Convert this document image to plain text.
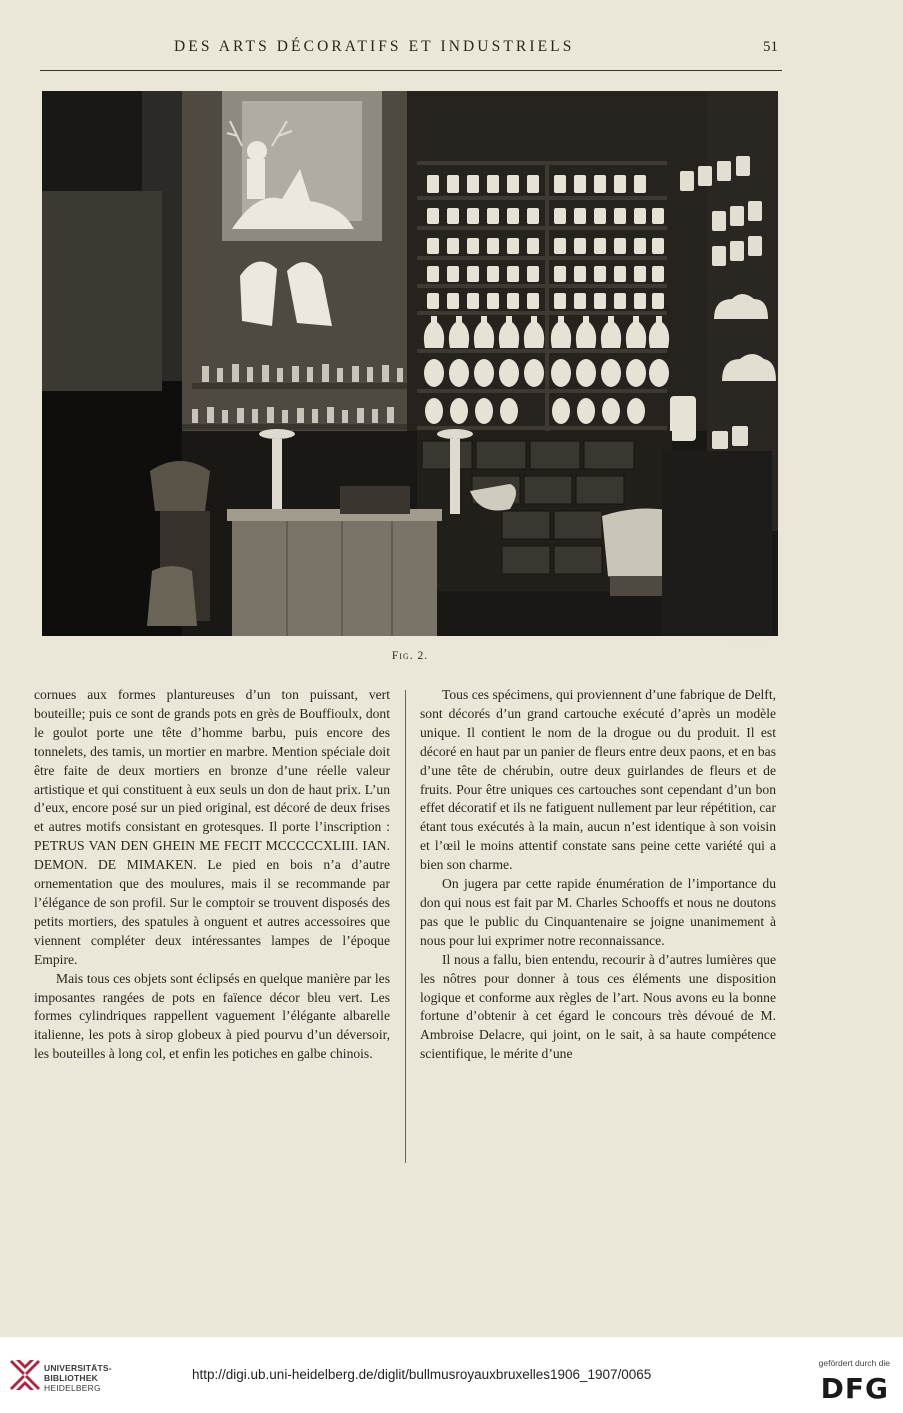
DES ARTS DÉCORATIFS ET INDUSTRIELS	51
VANDAMME
Fig. 2.

cornues aux formes plantureuses d’un ton puissant, vert bouteille; puis ce sont de grands pots en grès de Bouffioulx, dont le goulot porte une tête d’homme barbu, puis encore des tonnelets, des tamis, un mortier en marbre. Mention spéciale doit être faite de deux mortiers en bronze d’une réelle valeur artistique et qui constituent à eux seuls un don de haut prix. L’un d’eux, encore posé sur un pied original, est décoré de deux frises et autres motifs consistant en grotesques. Il porte l’inscription : PETRUS VAN DEN GHEIN ME FECIT MCCCCCXLIII. IAN. DEMON. DE MIMAKEN. Le pied en bois n’a d’autre ornementation que des moulures, mais il se recommande par l’élégance de son profil. Sur le comptoir se trouvent disposés des petits mortiers, des spatules à onguent et autres accessoires que viennent compléter deux intéressantes lampes de l’époque Empire.

Mais tous ces objets sont éclipsés en quelque manière par les imposantes rangées de pots en faïence décor bleu vert. Les formes cylindriques rappellent vaguement l’élégante albarelle italienne, les pots à sirop globeux à pied pourvu d’un déversoir, les bouteilles à long col, et enfin les potiches en galbe chinois.

Tous ces spécimens, qui proviennent d’une fabrique de Delft, sont décorés d’un grand cartouche exécuté d’après un modèle unique. Il contient le nom de la drogue ou du produit. Il est décoré en haut par un panier de fleurs entre deux paons, et en bas d’une tête de chérubin, outre deux guirlandes de fleurs et de fruits. Pour être uniques ces cartouches sont cependant d’un bon effet décoratif et ils ne fatiguent nullement par leur répétition, car étant tous exécutés à la main, aucun n’est identique à son voisin et l’œil le moins attentif constate sans peine cette variété qui a bien son charme.

On jugera par cette rapide énumération de l’importance du don qui nous est fait par M. Charles Schooffs et nous ne doutons pas que le public du Cinquantenaire se joigne unanimement à nous pour lui exprimer notre reconnaissance.

Il nous a fallu, bien entendu, recourir à d’autres lumières que les nôtres pour donner à tous ces éléments une disposition logique et conforme aux règles de l’art. Nous avons eu la bonne fortune d’obtenir à cet égard le concours très dévoué de M. Ambroise Delacre, qui joint, on le sait, à sa haute compétence scientifique, le mérite d’une

UNIVERSITÄTS-
BIBLIOTHEK
HEIDELBERG
http://digi.ub.uni-heidelberg.de/diglit/bullmusroyauxbruxelles1906_1907/0065
gefördert durch die
DFG
